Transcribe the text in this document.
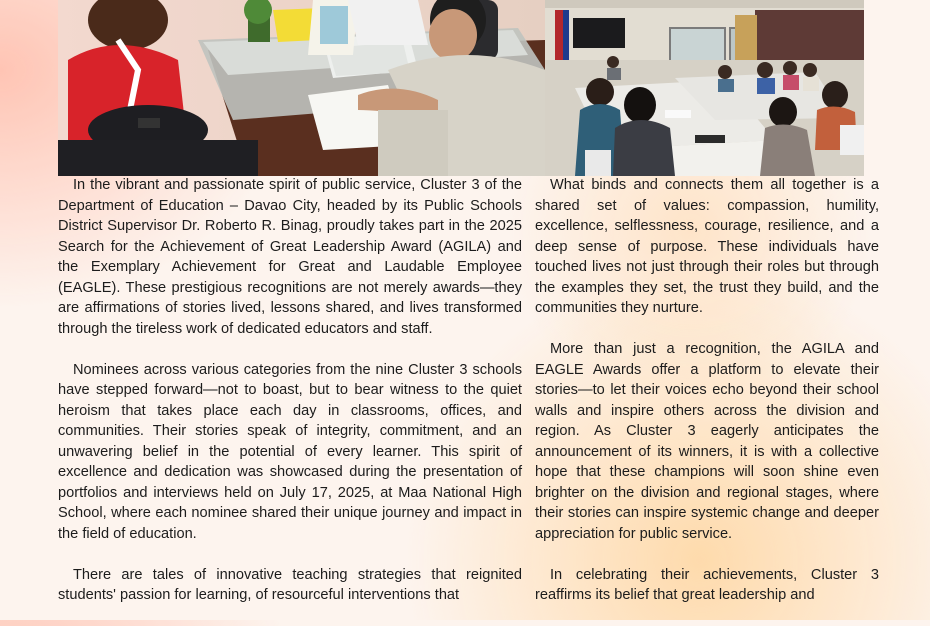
In the vibrant and passionate spirit of public service, Cluster 3 of the Department of Education – Davao City, headed by its Public Schools District Supervisor Dr. Roberto R. Binag, proudly takes part in the 2025 Search for the Achievement of Great Leadership Award (AGILA) and the Exemplary Achievement for Great and Laudable Employee (EAGLE). These prestigious recognitions are not merely awards—they are affirmations of stories lived, lessons shared, and lives transformed through the tireless work of dedicated educators and staff.

Nominees across various categories from the nine Cluster 3 schools have stepped forward—not to boast, but to bear witness to the quiet heroism that takes place each day in classrooms, offices, and communities. Their stories speak of integrity, commitment, and an unwavering belief in the potential of every learner. This spirit of excellence and dedication was showcased during the presentation of portfolios and interviews held on July 17, 2025, at Maa National High School, where each nominee shared their unique journey and impact in the field of education.

There are tales of innovative teaching strategies that reignited students' passion for learning, of resourceful interventions that

What binds and connects them all together is a shared set of values: compassion, humility, excellence, selflessness, courage, resilience, and a deep sense of purpose. These individuals have touched lives not just through their roles but through the examples they set, the trust they build, and the communities they nurture.

More than just a recognition, the AGILA and EAGLE Awards offer a platform to elevate their stories—to let their voices echo beyond their school walls and inspire others across the division and region. As Cluster 3 eagerly anticipates the announcement of its winners, it is with a collective hope that these champions will soon shine even brighter on the division and regional stages, where their stories can inspire systemic change and deeper appreciation for public service.

In celebrating their achievements, Cluster 3 reaffirms its belief that great leadership and
